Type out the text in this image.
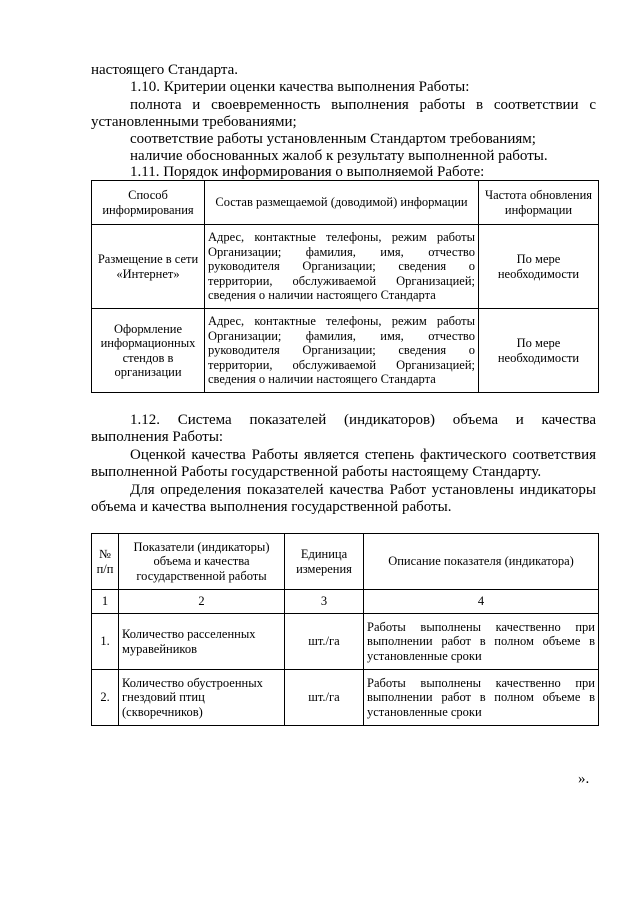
настоящего Стандарта.
1.10. Критерии оценки качества выполнения Работы:
полнота и своевременность выполнения работы в соответствии с
установленными требованиями;
соответствие работы установленным Стандартом требованиям;
наличие обоснованных жалоб к результату выполненной работы.
1.11. Порядок информирования о выполняемой Работе:
Способ информирования	Состав размещаемой (доводимой) информации	Частота обновления информации
Размещение в сети «Интернет»	Адрес, контактные телефоны, режим работы Организации; фамилия, имя, отчество руководителя Организации; сведения о территории, обслуживаемой Организацией; сведения о наличии настоящего Стандарта	По мере необходимости
Оформление информационных стендов в организации	Адрес, контактные телефоны, режим работы Организации; фамилия, имя, отчество руководителя Организации; сведения о территории, обслуживаемой Организацией; сведения о наличии настоящего Стандарта	По мере необходимости
1.12. Система показателей (индикаторов) объема и качества
выполнения Работы:
Оценкой качества Работы является степень фактического соответствия
выполненной Работы государственной работы настоящему Стандарту.
Для определения показателей качества Работ установлены индикаторы
объема и качества выполнения государственной работы.
№ п/п	Показатели (индикаторы) объема и качества государственной работы	Единица измерения	Описание показателя (индикатора)
1	2	3	4
1.	Количество расселенных муравейников	шт./га	Работы выполнены качественно при выполнении работ в полном объеме в установленные сроки
2.	Количество обустроенных гнездовий птиц (скворечников)	шт./га	Работы выполнены качественно при выполнении работ в полном объеме в установленные сроки
».
